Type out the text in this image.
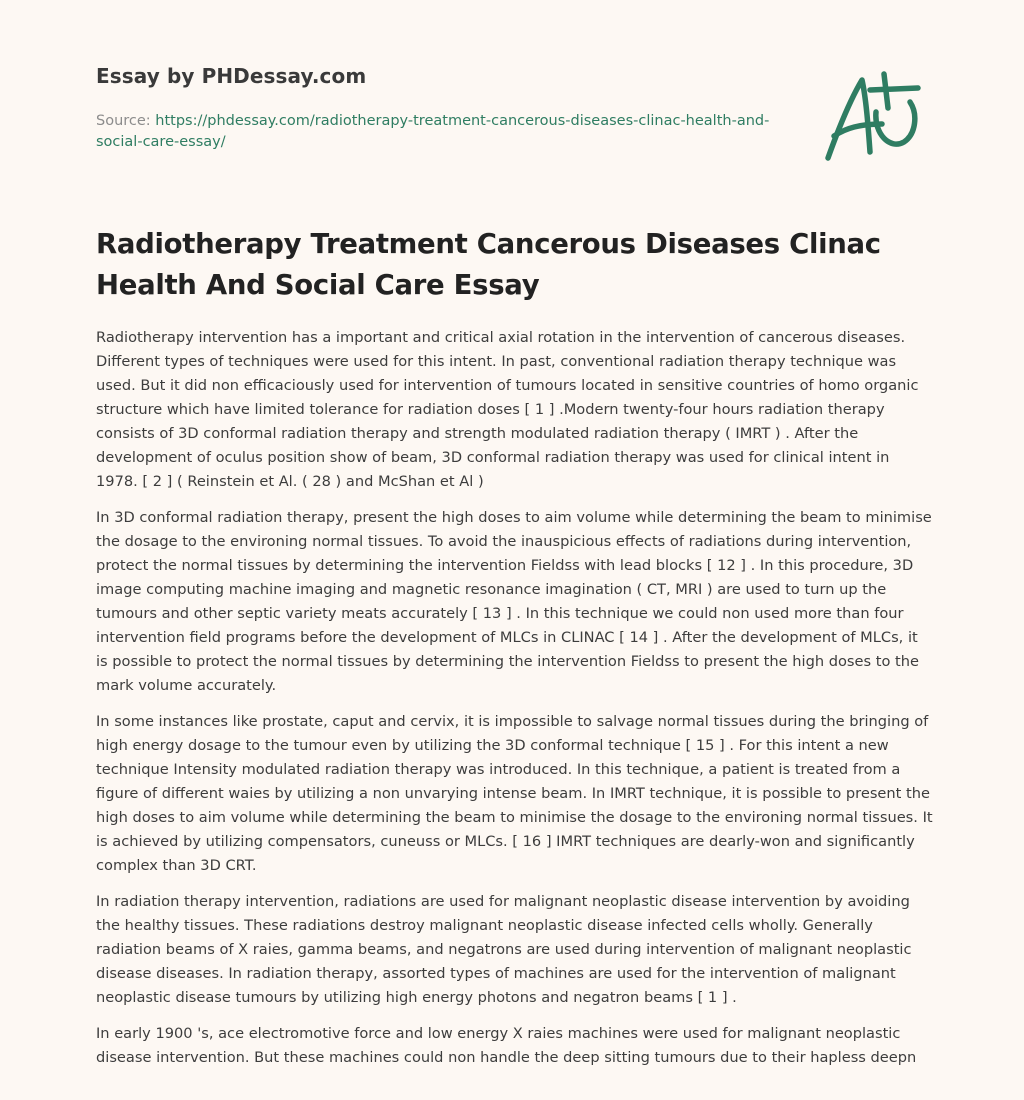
Essay by PHDessay.com
Source: https://phdessay.com/radiotherapy-treatment-cancerous-diseases-clinac-health-and-social-care-essay/
Radiotherapy Treatment Cancerous Diseases Clinac Health And Social Care Essay

Radiotherapy intervention has a important and critical axial rotation in the intervention of cancerous diseases. Different types of techniques were used for this intent. In past, conventional radiation therapy technique was used. But it did non efficaciously used for intervention of tumours located in sensitive countries of homo organic structure which have limited tolerance for radiation doses [ 1 ] .Modern twenty-four hours radiation therapy consists of 3D conformal radiation therapy and strength modulated radiation therapy ( IMRT ) . After the development of oculus position show of beam, 3D conformal radiation therapy was used for clinical intent in 1978. [ 2 ] ( Reinstein et Al. ( 28 ) and McShan et Al )

In 3D conformal radiation therapy, present the high doses to aim volume while determining the beam to minimise the dosage to the environing normal tissues. To avoid the inauspicious effects of radiations during intervention, protect the normal tissues by determining the intervention Fieldss with lead blocks [ 12 ] . In this procedure, 3D image computing machine imaging and magnetic resonance imagination ( CT, MRI ) are used to turn up the tumours and other septic variety meats accurately [ 13 ] . In this technique we could non used more than four intervention field programs before the development of MLCs in CLINAC [ 14 ] . After the development of MLCs, it is possible to protect the normal tissues by determining the intervention Fieldss to present the high doses to the mark volume accurately.

In some instances like prostate, caput and cervix, it is impossible to salvage normal tissues during the bringing of high energy dosage to the tumour even by utilizing the 3D conformal technique [ 15 ] . For this intent a new technique Intensity modulated radiation therapy was introduced. In this technique, a patient is treated from a figure of different waies by utilizing a non unvarying intense beam. In IMRT technique, it is possible to present the high doses to aim volume while determining the beam to minimise the dosage to the environing normal tissues. It is achieved by utilizing compensators, cuneuss or MLCs. [ 16 ] IMRT techniques are dearly-won and significantly complex than 3D CRT.

In radiation therapy intervention, radiations are used for malignant neoplastic disease intervention by avoiding the healthy tissues. These radiations destroy malignant neoplastic disease infected cells wholly. Generally radiation beams of X raies, gamma beams, and negatrons are used during intervention of malignant neoplastic disease diseases. In radiation therapy, assorted types of machines are used for the intervention of malignant neoplastic disease tumours by utilizing high energy photons and negatron beams [ 1 ] .

In early 1900 's, ace electromotive force and low energy X raies machines were used for malignant neoplastic disease intervention. But these machines could non handle the deep sitting tumours due to their hapless deepn
